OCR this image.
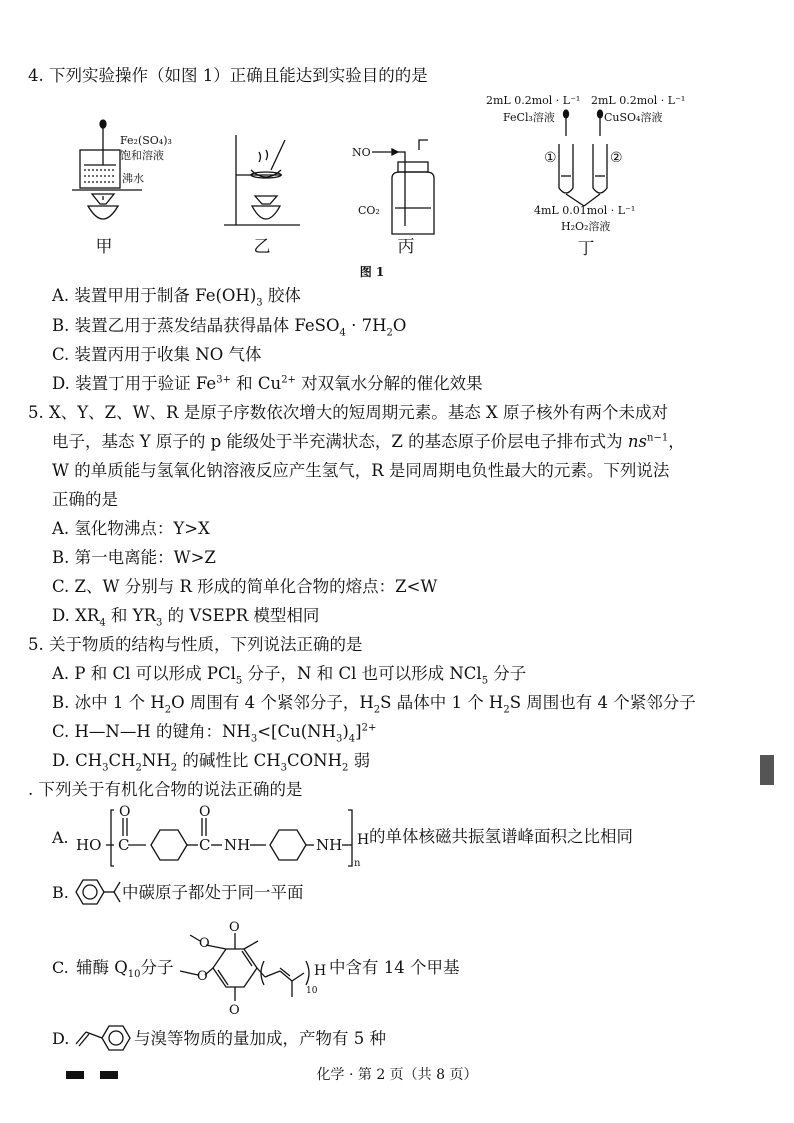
4. 下列实验操作（如图 1）正确且能达到实验目的的是
Fe₂(SO₄)₃
饱和溶液
沸水
甲	乙
NO
CO₂
丙
2mL 0.2mol · L⁻¹
FeCl₃溶液
2mL 0.2mol · L⁻¹
CuSO₄溶液
①	②
4mL 0.01mol · L⁻¹
H₂O₂溶液
丁
图 1
A. 装置甲用于制备 $Fe(OH)_3$ 胶体
B. 装置乙用于蒸发结晶获得晶体 FeSO$_4$ · $7H_2O$
C. 装置丙用于收集 NO 气体
D. 装置丁用于验证 $Fe^{3+}$ 和 $Cu^{2+}$ 对双氧水分解的催化效果
5. X、Y、Z、W、R 是原子序数依次增大的短周期元素。基态 X 原子核外有两个未成对
电子，基态 Y 原子的 p 能级处于半充满状态，Z 的基态原子价层电子排布式为 $ns^{n-1}$，
W 的单质能与氢氧化钠溶液反应产生氢气，R 是同周期电负性最大的元素。下列说法
正确的是
A. 氢化物沸点：Y>X
B. 第一电离能：W>Z
C. Z、W 分别与 R 形成的简单化合物的熔点：Z<W
D. $XR_4$ 和 $YR_3$ 的 VSEPR 模型相同
5. 关于物质的结构与性质，下列说法正确的是
A. P 和 Cl 可以形成 PCl$_5$ 分子，N 和 Cl 也可以形成 NCl$_5$ 分子
B. 冰中 1 个 $H_2O$ 周围有 4 个紧邻分子，$H_2S$ 晶体中 1 个 $H_2S$ 周围也有 4 个紧邻分子
C. H—N—H 的键角：$NH_3<[Cu(NH_3)_4]^{2+}$
D. $CH_3CH_2NH_2$ 的碱性比 $CH_3CONH_2$ 弱
. 下列关于有机化合物的说法正确的是
A. HO C
O
C
O
NH	NH
n
H 的单体核磁共振氢谱峰面积之比相同
B.	中碳原子都处于同一平面
C. 辅酶 $Q_{10}$分子
O
O
O
O
10
H 中含有 14 个甲基
D.	与溴等物质的量加成，产物有 5 种
化学 · 第 2 页（共 8 页）
